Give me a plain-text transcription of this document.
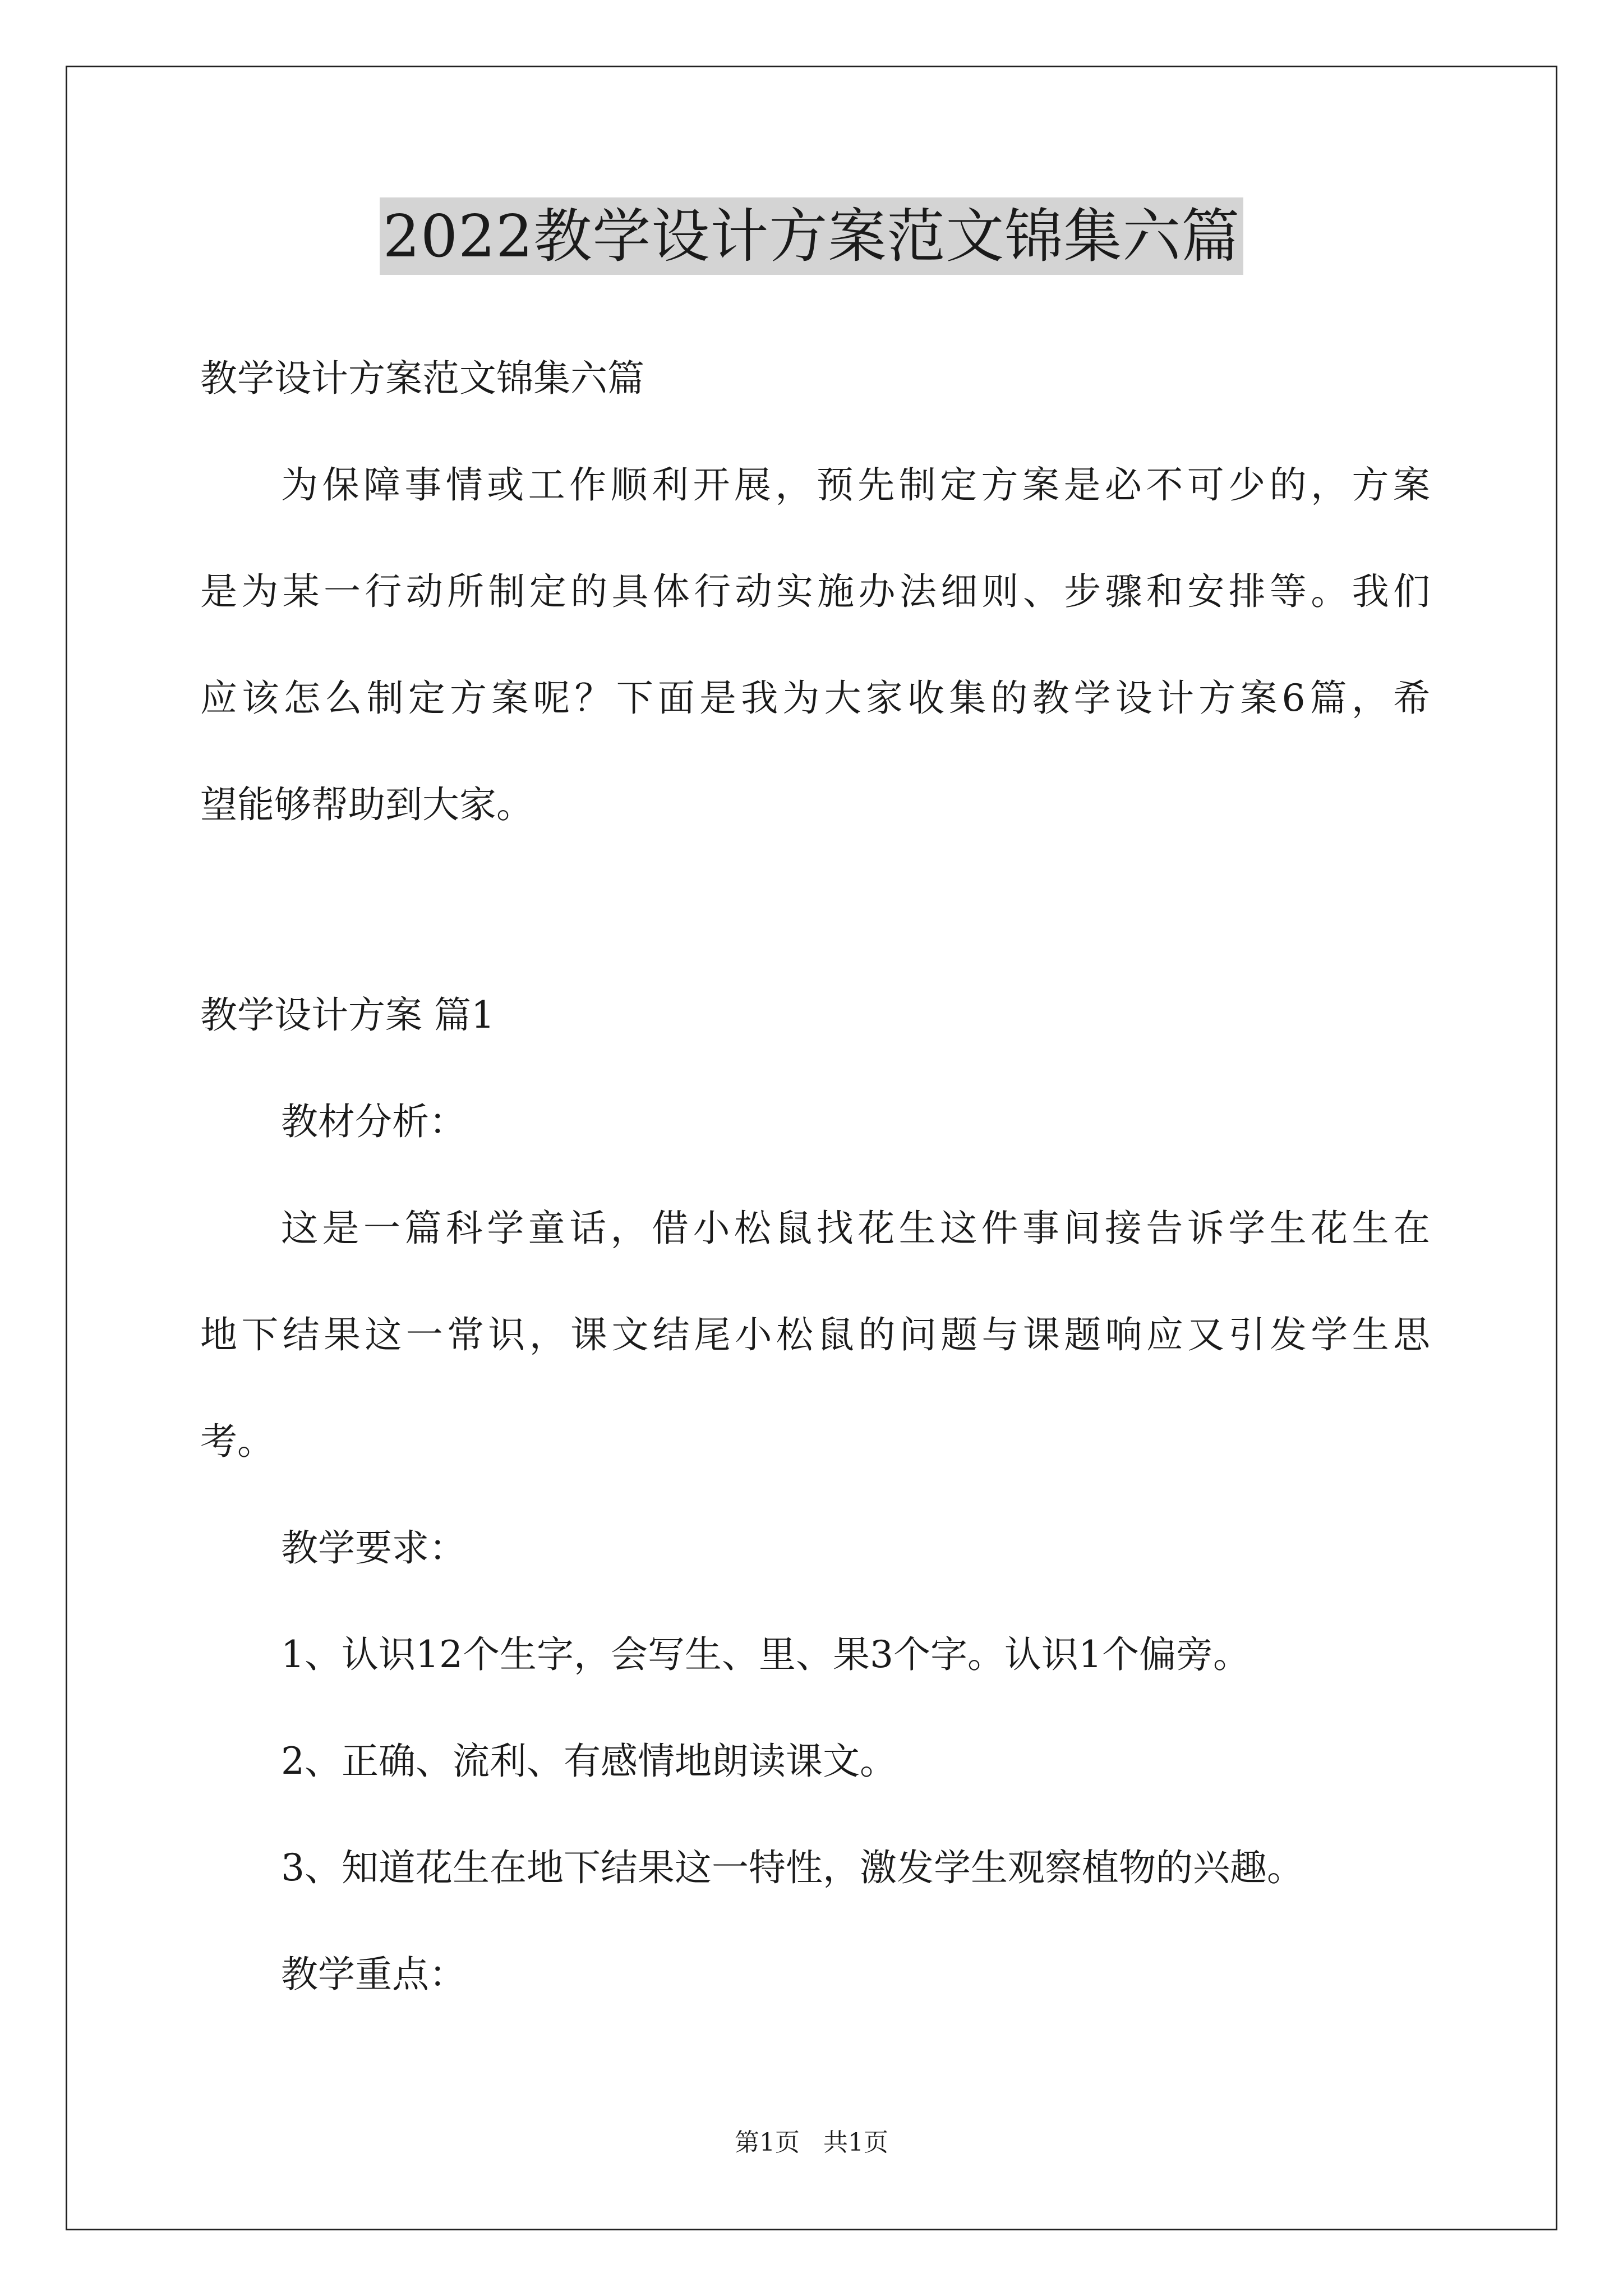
2022教学设计方案范文锦集六篇
教学设计方案范文锦集六篇
为保障事情或工作顺利开展，预先制定方案是必不可少的，方案
是为某一行动所制定的具体行动实施办法细则、步骤和安排等。我们
应该怎么制定方案呢？下面是我为大家收集的教学设计方案6篇，希
望能够帮助到大家。
教学设计方案 篇1
教材分析：
这是一篇科学童话，借小松鼠找花生这件事间接告诉学生花生在
地下结果这一常识，课文结尾小松鼠的问题与课题响应又引发学生思
考。
教学要求：
1、认识12个生字，会写生、里、果3个字。认识1个偏旁。
2、正确、流利、有感情地朗读课文。
3、知道花生在地下结果这一特性，激发学生观察植物的兴趣。
教学重点：
第1页   共1页
